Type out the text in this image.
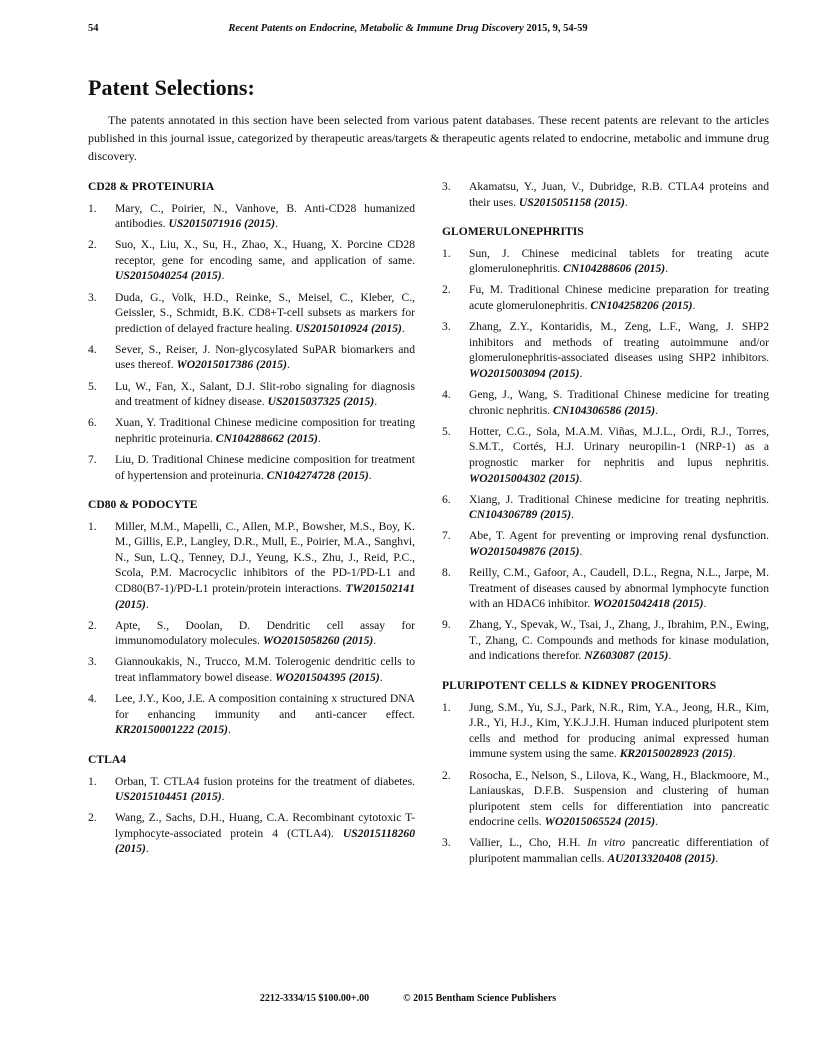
54	Recent Patents on Endocrine, Metabolic & Immune Drug Discovery 2015, 9, 54-59
Patent Selections:

The patents annotated in this section have been selected from various patent databases. These recent patents are relevant to the articles published in this journal issue, categorized by therapeutic areas/targets & therapeutic agents related to endocrine, metabolic and immune drug discovery.

CD28 & PROTEINURIA
1. Mary, C., Poirier, N., Vanhove, B. Anti-CD28 humanized antibodies. US2015071916 (2015).
2. Suo, X., Liu, X., Su, H., Zhao, X., Huang, X. Porcine CD28 receptor, gene for encoding same, and application of same. US2015040254 (2015).
3. Duda, G., Volk, H.D., Reinke, S., Meisel, C., Kleber, C., Geissler, S., Schmidt, B.K. CD8+T-cell subsets as markers for prediction of delayed fracture healing. US2015010924 (2015).
4. Sever, S., Reiser, J. Non-glycosylated SuPAR biomarkers and uses thereof. WO2015017386 (2015).
5. Lu, W., Fan, X., Salant, D.J. Slit-robo signaling for diagnosis and treatment of kidney disease. US2015037325 (2015).
6. Xuan, Y. Traditional Chinese medicine composition for treating nephritic proteinuria. CN104288662 (2015).
7. Liu, D. Traditional Chinese medicine composition for treatment of hypertension and proteinuria. CN104274728 (2015).
CD80 & PODOCYTE
1. Miller, M.M., Mapelli, C., Allen, M.P., Bowsher, M.S., Boy, K. M., Gillis, E.P., Langley, D.R., Mull, E., Poirier, M.A., Sanghvi, N., Sun, L.Q., Tenney, D.J., Yeung, K.S., Zhu, J., Reid, P.C., Scola, P.M. Macrocyclic inhibitors of the PD-1/PD-L1 and CD80(B7-1)/PD-L1 protein/protein interactions. TW201502141 (2015).
2. Apte, S., Doolan, D. Dendritic cell assay for immunomodulatory molecules. WO2015058260 (2015).
3. Giannoukakis, N., Trucco, M.M. Tolerogenic dendritic cells to treat inflammatory bowel disease. WO201504395 (2015).
4. Lee, J.Y., Koo, J.E. A composition containing x structured DNA for enhancing immunity and anti-cancer effect. KR20150001222 (2015).
CTLA4
1. Orban, T. CTLA4 fusion proteins for the treatment of diabetes. US2015104451 (2015).
2. Wang, Z., Sachs, D.H., Huang, C.A. Recombinant cytotoxic T-lymphocyte-associated protein 4 (CTLA4). US2015118260 (2015).
3. Akamatsu, Y., Juan, V., Dubridge, R.B. CTLA4 proteins and their uses. US2015051158 (2015).
GLOMERULONEPHRITIS
1. Sun, J. Chinese medicinal tablets for treating acute glomerulonephritis. CN104288606 (2015).
2. Fu, M. Traditional Chinese medicine preparation for treating acute glomerulonephritis. CN104258206 (2015).
3. Zhang, Z.Y., Kontaridis, M., Zeng, L.F., Wang, J. SHP2 inhibitors and methods of treating autoimmune and/or glomerulonephritis-associated diseases using SHP2 inhibitors. WO2015003094 (2015).
4. Geng, J., Wang, S. Traditional Chinese medicine for treating chronic nephritis. CN104306586 (2015).
5. Hotter, C.G., Sola, M.A.M. Viñas, M.J.L., Ordi, R.J., Torres, S.M.T., Cortés, H.J. Urinary neuropilin-1 (NRP-1) as a prognostic marker for nephritis and lupus nephritis. WO2015004302 (2015).
6. Xiang, J. Traditional Chinese medicine for treating nephritis. CN104306789 (2015).
7. Abe, T. Agent for preventing or improving renal dysfunction. WO2015049876 (2015).
8. Reilly, C.M., Gafoor, A., Caudell, D.L., Regna, N.L., Jarpe, M. Treatment of diseases caused by abnormal lymphocyte function with an HDAC6 inhibitor. WO2015042418 (2015).
9. Zhang, Y., Spevak, W., Tsai, J., Zhang, J., Ibrahim, P.N., Ewing, T., Zhang, C. Compounds and methods for kinase modulation, and indications therefor. NZ603087 (2015).
PLURIPOTENT CELLS & KIDNEY PROGENITORS
1. Jung, S.M., Yu, S.J., Park, N.R., Rim, Y.A., Jeong, H.R., Kim, J.R., Yi, H.J., Kim, Y.K.J.J.H. Human induced pluripotent stem cells and method for producing animal expressed human immune system using the same. KR20150028923 (2015).
2. Rosocha, E., Nelson, S., Lilova, K., Wang, H., Blackmoore, M., Laniauskas, D.F.B. Suspension and clustering of human pluripotent stem cells for differentiation into pancreatic endocrine cells. WO2015065524 (2015).
3. Vallier, L., Cho, H.H. In vitro pancreatic differentiation of pluripotent mammalian cells. AU2013320408 (2015).
2212-3334/15 $100.00+.00	© 2015 Bentham Science Publishers
